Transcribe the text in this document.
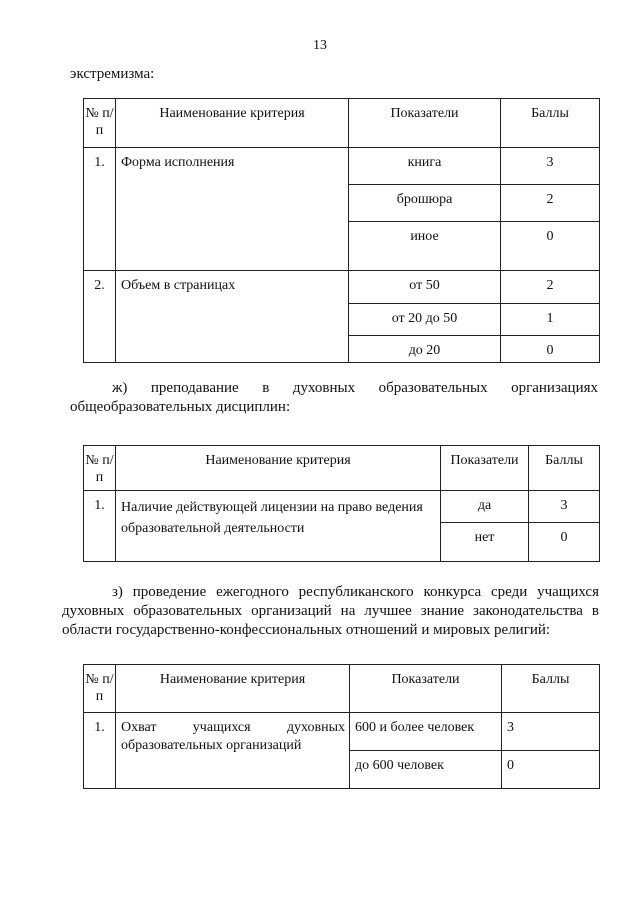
13
экстремизма:
№ п/п	Наименование критерия	Показатели	Баллы
1.	Форма исполнения	книга	3
		брошюра	2
		иное	0
2.	Объем в страницах	от 50	2
		от 20 до 50	1
		до 20	0
ж) преподавание в духовных образовательных организациях
общеобразовательных дисциплин:
№ п/п	Наименование критерия	Показатели	Баллы
1.	Наличие действующей лицензии на право ведения образовательной деятельности	да	3
		нет	0
з) проведение ежегодного республиканского конкурса среди учащихся
духовных образовательных организаций на лучшее знание законодательства в
области государственно-конфессиональных отношений и мировых религий:
№ п/п	Наименование критерия	Показатели	Баллы
1.	Охват учащихся духовных
образовательных организаций	600 и более человек	3
		до 600 человек	0
